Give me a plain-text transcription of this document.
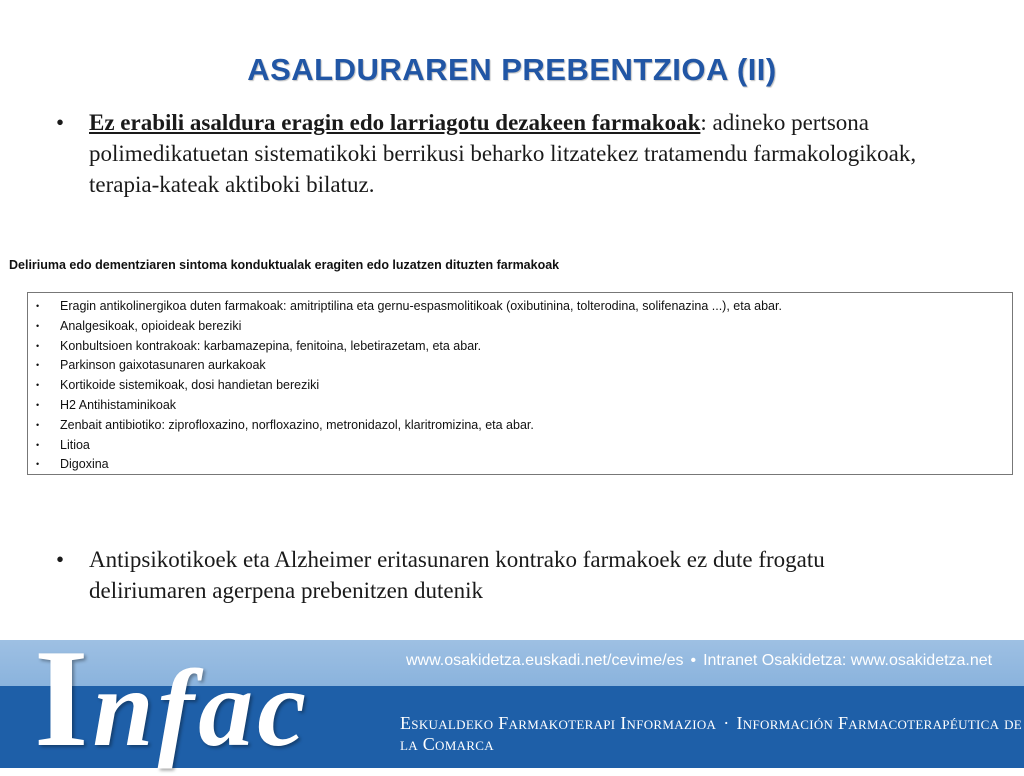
ASALDURAREN PREBENTZIOA (II)
•	Ez erabili asaldura eragin edo larriagotu dezakeen farmakoak: adineko pertsona polimedikatuetan sistematikoki berrikusi beharko litzatekez tratamendu farmakologikoak, terapia-kateak aktiboki bilatuz.
Deliriuma edo dementziaren sintoma konduktualak eragiten edo luzatzen dituzten farmakoak
•	Eragin antikolinergikoa duten farmakoak: amitriptilina eta gernu-espasmolitikoak (oxibutinina, tolterodina, solifenazina ...), eta abar.
•	Analgesikoak, opioideak bereziki
•	Konbultsioen kontrakoak: karbamazepina, fenitoina, lebetirazetam, eta abar.
•	Parkinson gaixotasunaren aurkakoak
•	Kortikoide sistemikoak, dosi handietan bereziki
•	H2 Antihistaminikoak
•	Zenbait antibiotiko: ziprofloxazino, norfloxazino, metronidazol, klaritromizina, eta abar.
•	Litioa
•	Digoxina
•	Antipsikotikoek eta Alzheimer eritasunaren kontrako farmakoek ez dute frogatu deliriumaren agerpena prebenitzen dutenik
Infac	www.osakidetza.euskadi.net/cevime/es • Intranet Osakidetza: www.osakidetza.net
Eskualdeko Farmakoterapi Informazioa · Información Farmacoterapéutica de la Comarca
